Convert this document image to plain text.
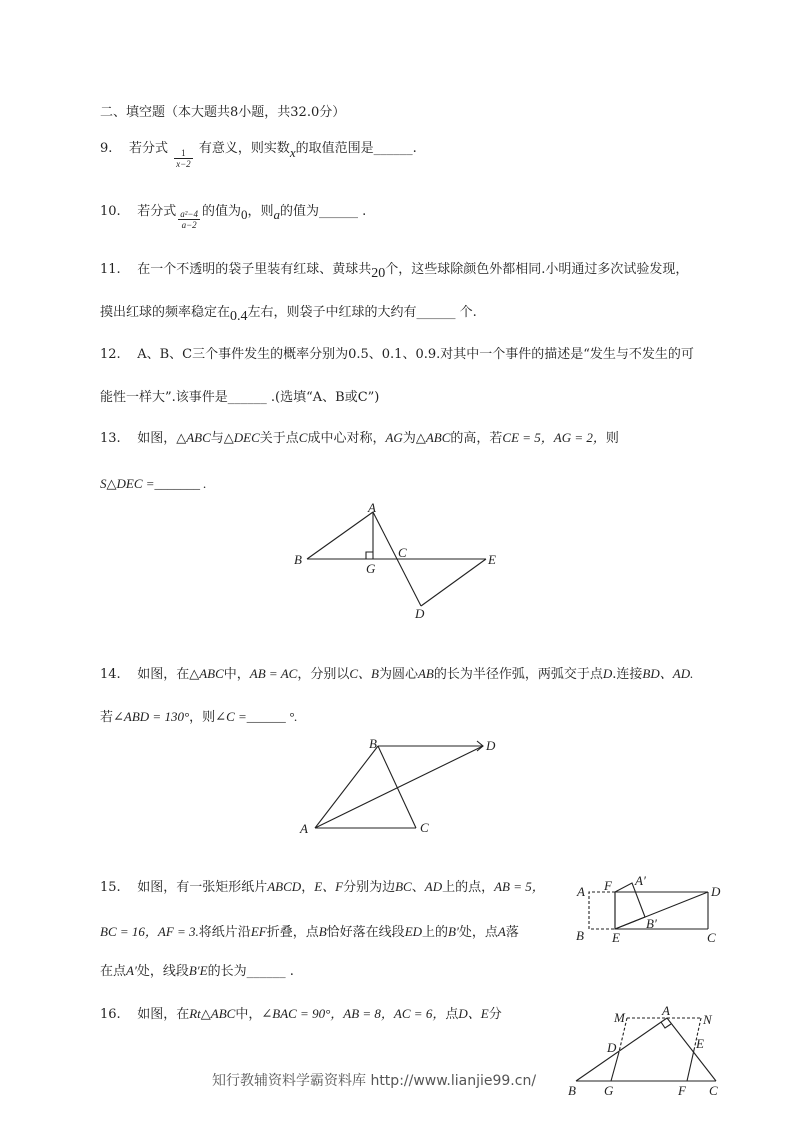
二、填空题（本大题共8小题，共32.0分）
9. 若分式 $\frac{1}{x-2}$ 有意义，则实数x的取值范围是______.
10. 若分式 $\frac{\text{a²−4}}{a-2}$ 的值为0，则a的值为______ .
11. 在一个不透明的袋子里装有红球、黄球共20个，这些球除颜色外都相同.小明通过多次试验发现，
摸出红球的频率稳定在0.4左右，则袋子中红球的大约有______ 个.
12. A、B、C三个事件发生的概率分别为0.5、0.1、0.9.对其中一个事件的描述是“发生与不发生的可
能性一样大”.该事件是______ .(选填“A、B或C”)
13. 如图，△ABC与△DEC关于点C成中心对称，AG为△ABC的高，若CE = 5，AG = 2，则
S△DEC =_______ .
A
B	C
G
E
D
14. 如图，在△ABC中，AB = AC，分别以C、B为圆心AB的长为半径作弧，两弧交于点D.连接BD、AD.
若∠ABD = 130°，则∠C =______ °.
B	D
A	C
15. 如图，有一张矩形纸片ABCD，E、F分别为边BC、AD上的点，AB = 5，
BC = 16，AF = 3.将纸片沿EF折叠，点B恰好落在线段ED上的B′处，点A落
在点A′处，线段B′E的长为______ .
A F A′
D
B′
B E	C
16. 如图，在Rt△ABC中，∠BAC = 90°，AB = 8，AC = 6，点D、E分	M	A
N
D	E
B G	F C
知行教辅资料学霸资料库 http://www.lianjie99.cn/
